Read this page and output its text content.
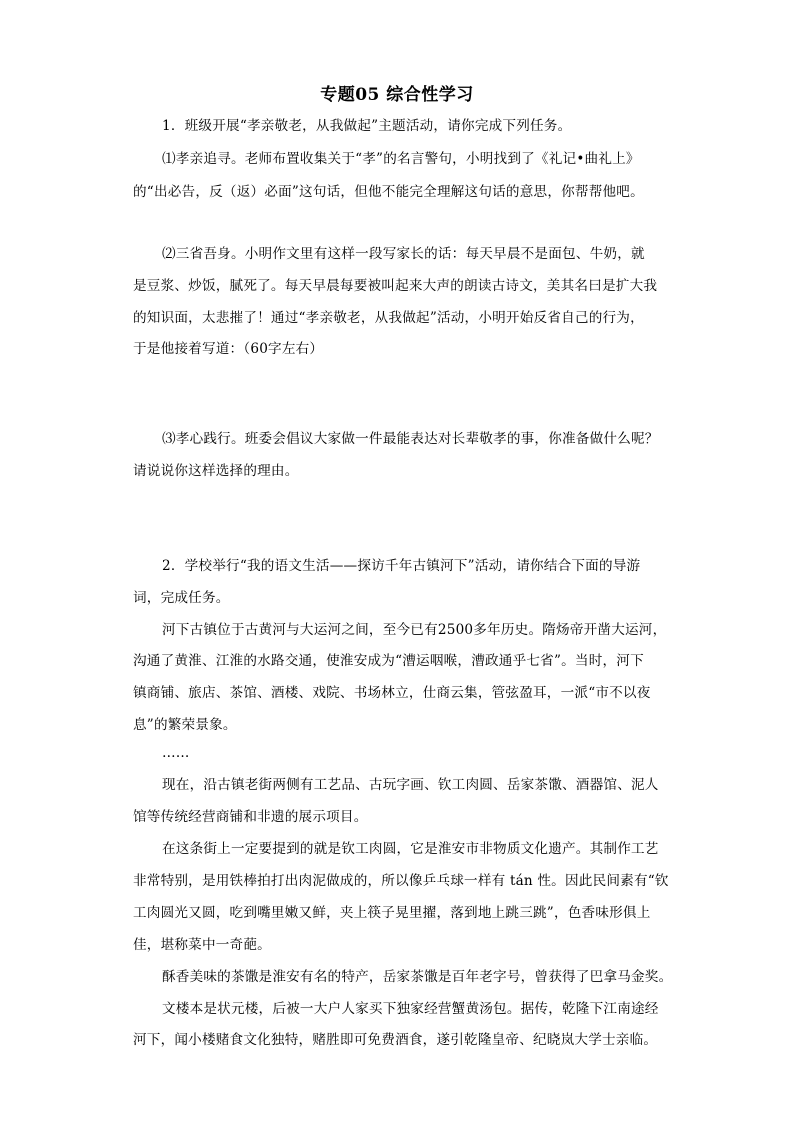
专题05 综合性学习
1．班级开展“孝亲敬老，从我做起”主题活动，请你完成下列任务。
⑴孝亲追寻。老师布置收集关于“孝”的名言警句，小明找到了《礼记•曲礼上》
的“出必告，反（返）必面”这句话，但他不能完全理解这句话的意思，你帮帮他吧。
⑵三省吾身。小明作文里有这样一段写家长的话：每天早晨不是面包、牛奶，就
是豆浆、炒饭，腻死了。每天早晨每要被叫起来大声的朗读古诗文，美其名曰是扩大我
的知识面，太悲摧了！通过“孝亲敬老，从我做起”活动，小明开始反省自己的行为，
于是他接着写道：（60字左右）
⑶孝心践行。班委会倡议大家做一件最能表达对长辈敬孝的事，你准备做什么呢？
请说说你这样选择的理由。
2．学校举行“我的语文生活——探访千年古镇河下”活动，请你结合下面的导游
词，完成任务。
河下古镇位于古黄河与大运河之间，至今已有2500多年历史。隋炀帝开凿大运河，
沟通了黄淮、江淮的水路交通，使淮安成为“漕运咽喉，漕政通乎七省”。当时，河下
镇商铺、旅店、茶馆、酒楼、戏院、书场林立，仕商云集，管弦盈耳，一派“市不以夜
息”的繁荣景象。
……
现在，沿古镇老街两侧有工艺品、古玩字画、钦工肉圆、岳家茶馓、酒器馆、泥人
馆等传统经营商铺和非遗的展示项目。
在这条街上一定要提到的就是钦工肉圆，它是淮安市非物质文化遗产。其制作工艺
非常特别，是用铁棒拍打出肉泥做成的，所以像乒乓球一样有 tán 性。因此民间素有“钦
工肉圆光又圆，吃到嘴里嫩又鲜，夹上筷子晃里擢，落到地上跳三跳”，色香味形俱上
佳，堪称菜中一奇葩。
酥香美味的茶馓是淮安有名的特产，岳家茶馓是百年老字号，曾获得了巴拿马金奖。
文楼本是状元楼，后被一大户人家买下独家经营蟹黄汤包。据传，乾隆下江南途经
河下，闻小楼赌食文化独特，赌胜即可免费酒食，遂引乾隆皇帝、纪晓岚大学士亲临。
